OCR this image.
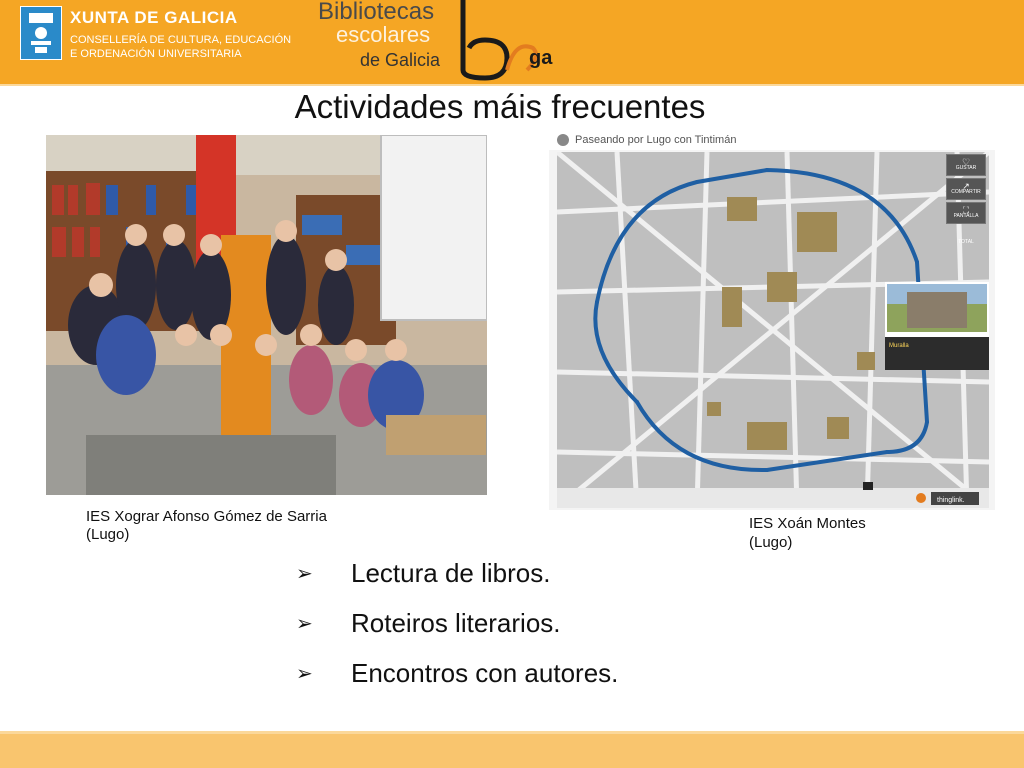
XUNTA DE GALICIA
CONSELLERÍA DE CULTURA, EDUCACIÓN
E ORDENACIÓN UNIVERSITARIA
Bibliotecas
escolares
de Galicia	ga
Actividades máis frecuentes
IES Xograr Afonso Gómez de Sarria
(Lugo)
Paseando por Lugo con Tintimán
Muralla
thinglink.
♡
GUSTAR
↗
COMPARTIR
⛶
PANTALLA TOTAL
IES Xoán Montes
(Lugo)
➢	Lectura de libros.
➢	Roteiros literarios.
➢	Encontros con autores.
